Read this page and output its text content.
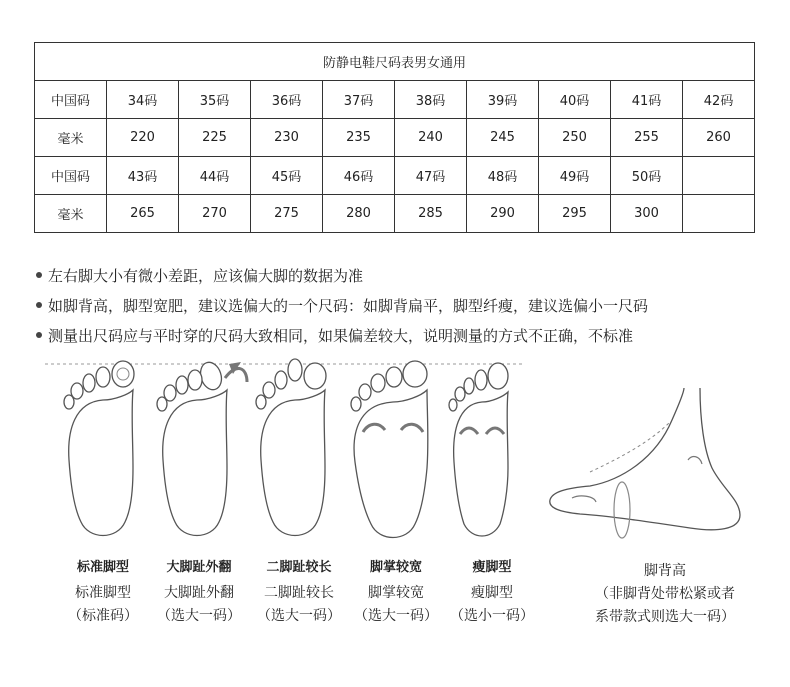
防静电鞋尺码表男女通用									
中国码	34码	35码	36码	37码	38码	39码	40码	41码	42码
毫米	220	225	230	235	240	245	250	255	260
中国码	43码	44码	45码	46码	47码	48码	49码	50码	
毫米	265	270	275	280	285	290	295	300	
左右脚大小有微小差距，应该偏大脚的数据为准
如脚背高，脚型宽肥，建议选偏大的一个尺码：如脚背扁平，脚型纤瘦，建议选偏小一尺码
测量出尺码应与平时穿的尺码大致相同，如果偏差较大，说明测量的方式不正确，不标准
标准脚型
标准脚型
（标准码）
大脚趾外翻
大脚趾外翻
（选大一码）
二脚趾较长
二脚趾较长
（选大一码）
脚掌较宽
脚掌较宽
（选大一码）
瘦脚型
瘦脚型
（选小一码）
脚背高
（非脚背处带松紧或者
系带款式则选大一码）
